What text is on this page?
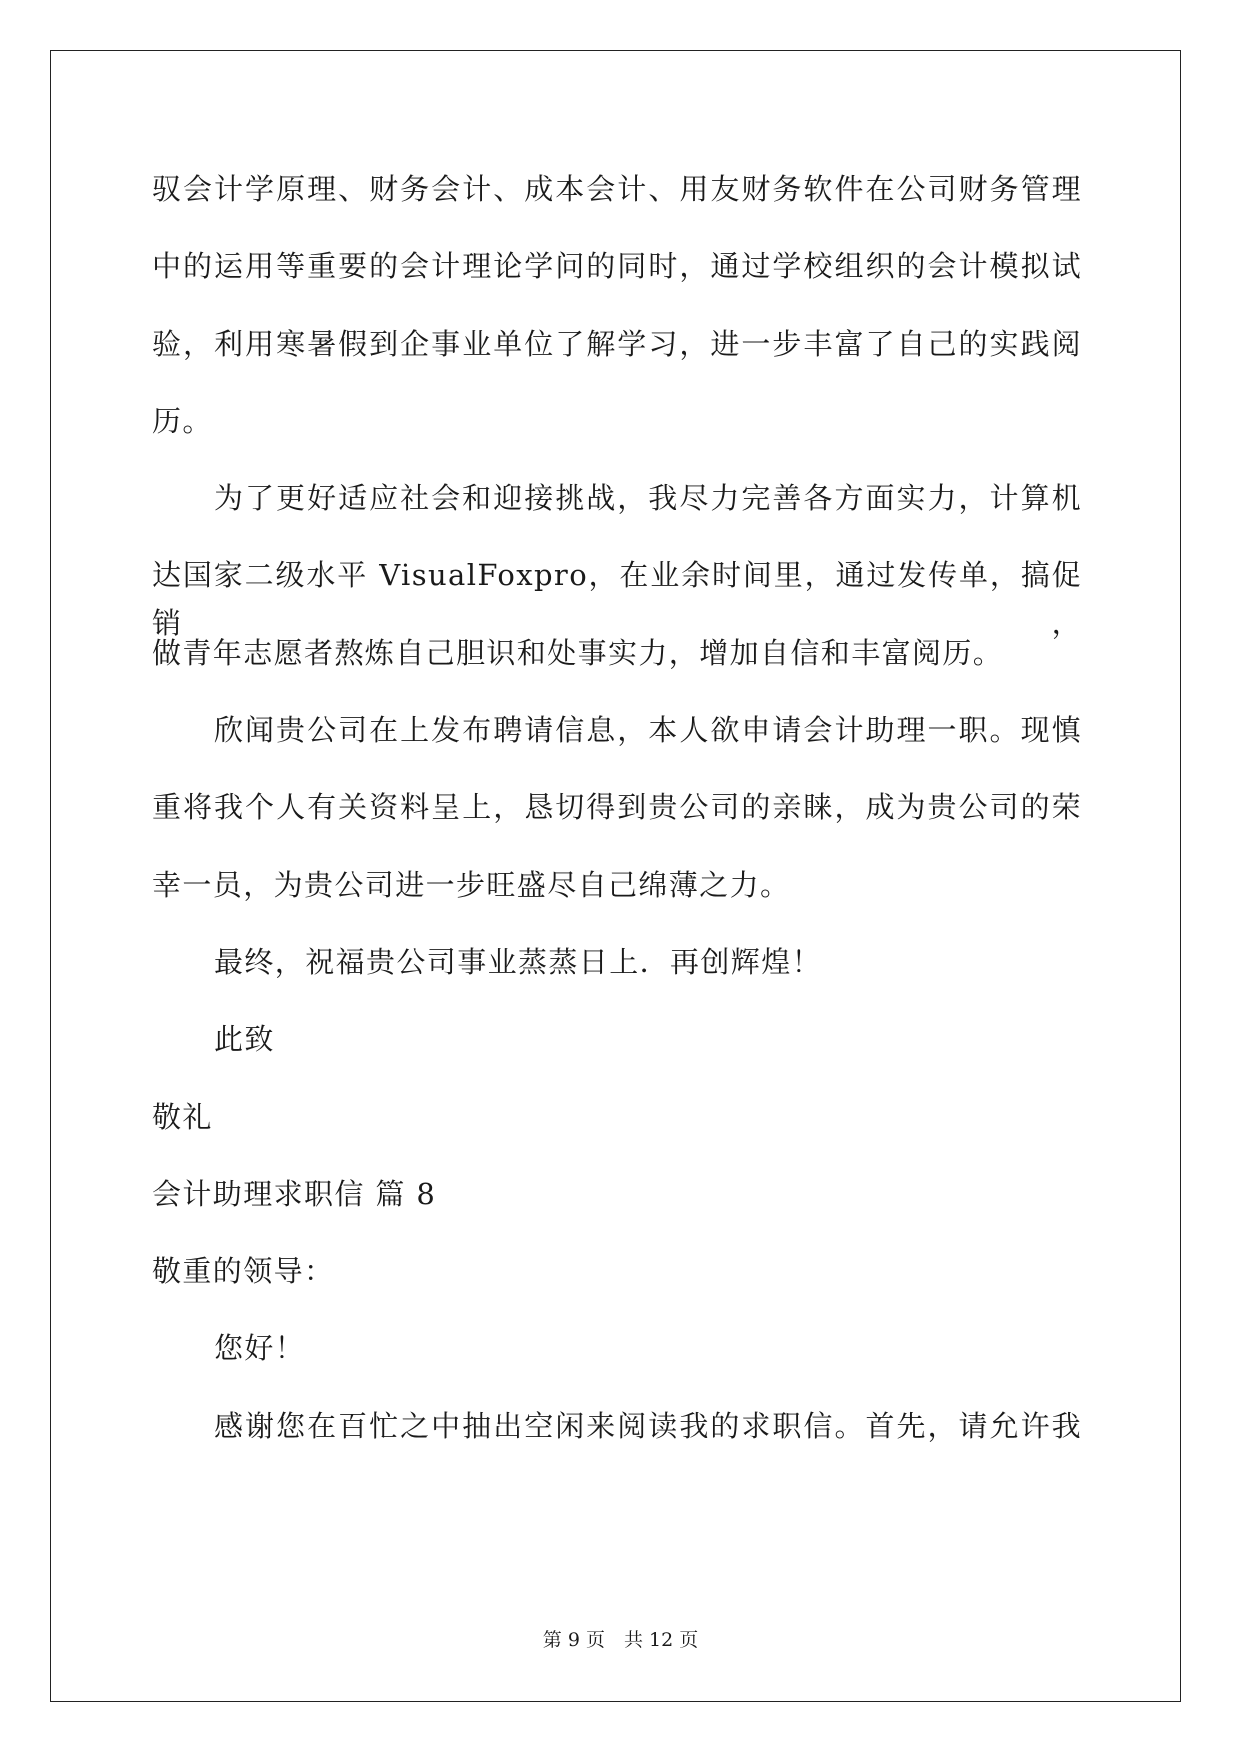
驭会计学原理、财务会计、成本会计、用友财务软件在公司财务管理
中的运用等重要的会计理论学问的同时，通过学校组织的会计模拟试
验，利用寒暑假到企事业单位了解学习，进一步丰富了自己的实践阅
历。
为了更好适应社会和迎接挑战，我尽力完善各方面实力，计算机
达国家二级水平 VisualFoxpro，在业余时间里，通过发传单，搞促销，
做青年志愿者熬炼自己胆识和处事实力，增加自信和丰富阅历。
欣闻贵公司在上发布聘请信息，本人欲申请会计助理一职。现慎
重将我个人有关资料呈上，恳切得到贵公司的亲睐，成为贵公司的荣
幸一员，为贵公司进一步旺盛尽自己绵薄之力。
最终，祝福贵公司事业蒸蒸日上．再创辉煌！
此致
敬礼
会计助理求职信 篇 8
敬重的领导：
您好！
感谢您在百忙之中抽出空闲来阅读我的求职信。首先，请允许我
第 9 页　共 12 页
